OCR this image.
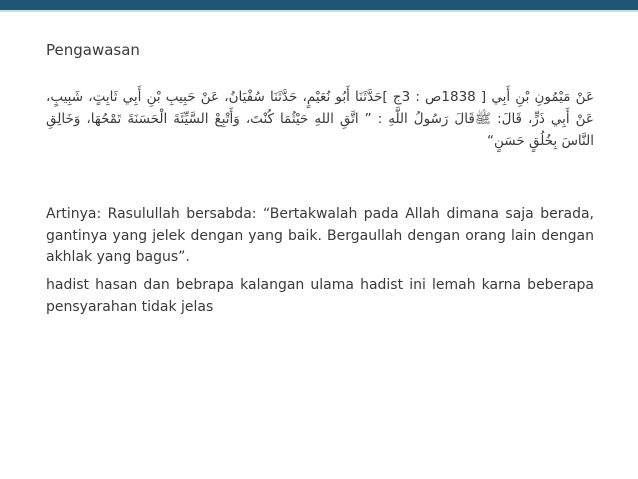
Pengawasan

عَنْ مَيْمُونِ بْنِ أَبِي [ 1838ص : 3ج ]حَدَّثَنَا أَبُو نُعَيْمٍ، حَدَّثَنَا سُفْيَانُ، عَنْ حَبِيبِ بْنِ أَبِي ثَابِتٍ، شَبِيبٍ، عَنْ أَبِي ذَرٍّ، قَالَ: ﷺقَالَ رَسُولُ اللَّهِ : ” اتَّقِ اللهِ حَيْثُمَا كُنْتَ، وَأَتْبِعْ السَّيِّئَةَ الْحَسَنَةَ تَمْحُهَا، وَخَالِقِ النَّاسَ بِخُلُقٍ حَسَنٍ“

Artinya: Rasulullah bersabda: “Bertakwalah pada Allah dimana saja berada, gantinya yang jelek dengan yang baik. Bergaullah dengan orang lain dengan akhlak yang bagus”.
hadist hasan dan bebrapa kalangan ulama hadist ini lemah karna beberapa pensyarahan tidak jelas
